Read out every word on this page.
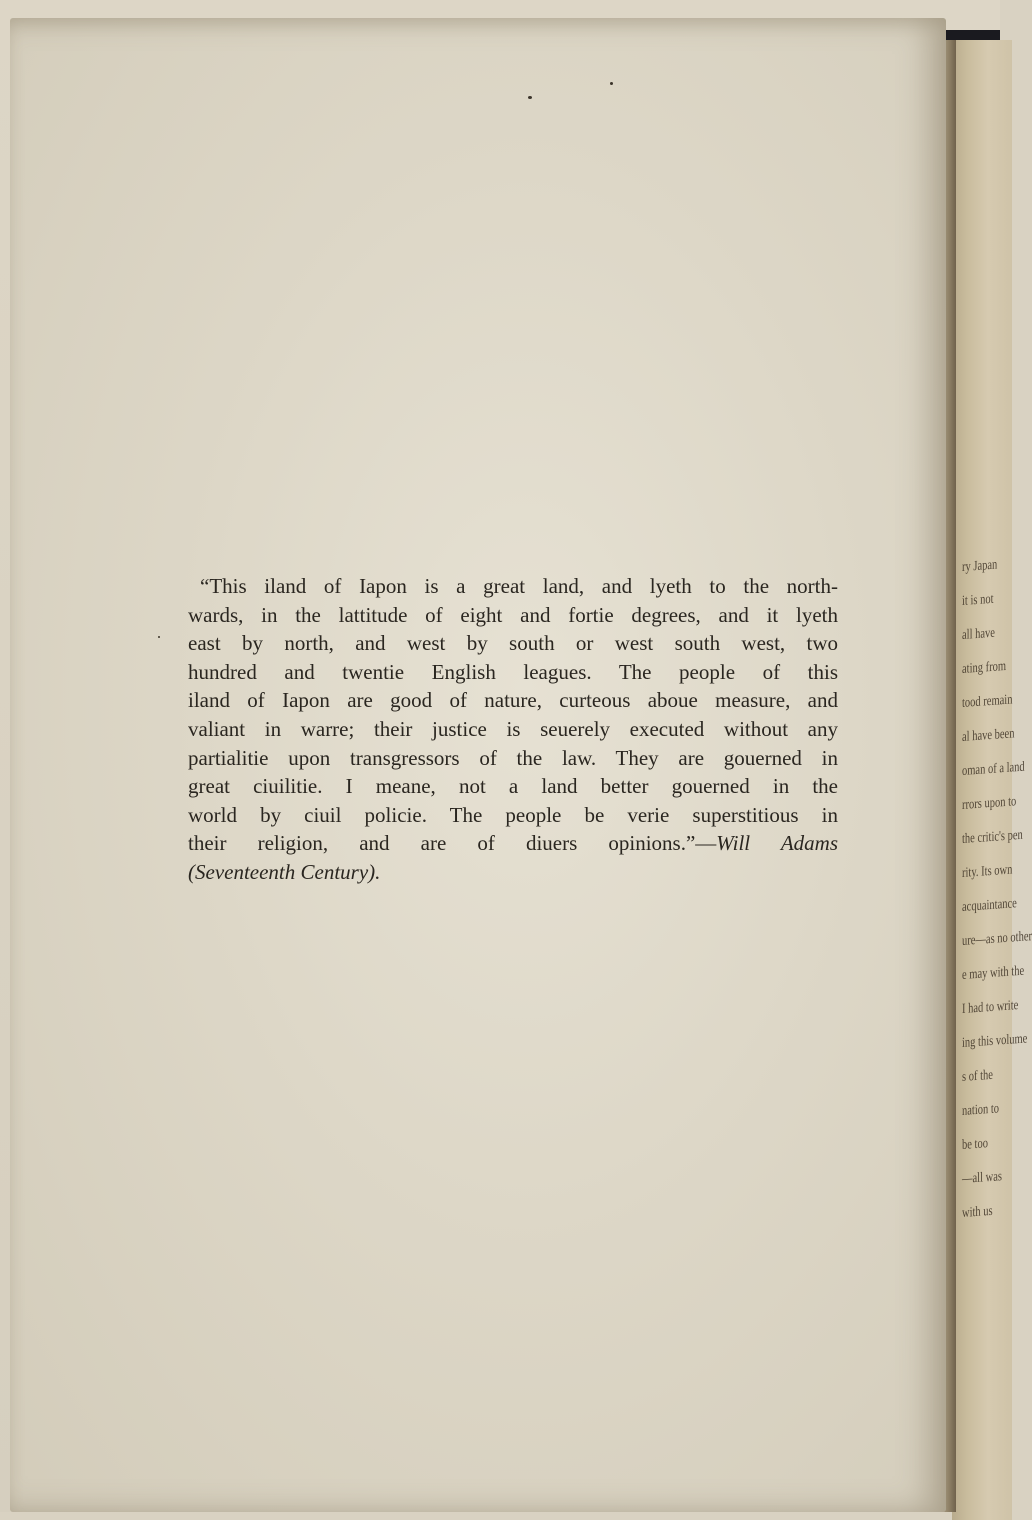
ry Japan
it is not
all have
ating from
tood remain
al have been
oman of a land
rrors upon to
the critic's pen
rity. Its own
acquaintance
ure—as no other
e may with the
I had to write
ing this volume
s of the
nation to
be too
—all was
with us

“This iland of Iapon is a great land, and lyeth to the north-
wards, in the lattitude of eight and fortie degrees, and it lyeth
east by north, and west by south or west south west, two
hundred and twentie English leagues. The people of this
iland of Iapon are good of nature, curteous aboue measure, and
valiant in warre; their justice is seuerely executed without any
partialitie upon transgressors of the law. They are gouerned in
great ciuilitie. I meane, not a land better gouerned in the
world by ciuil policie. The people be verie superstitious in
their religion, and are of diuers opinions.”—Will Adams
(Seventeenth Century).
